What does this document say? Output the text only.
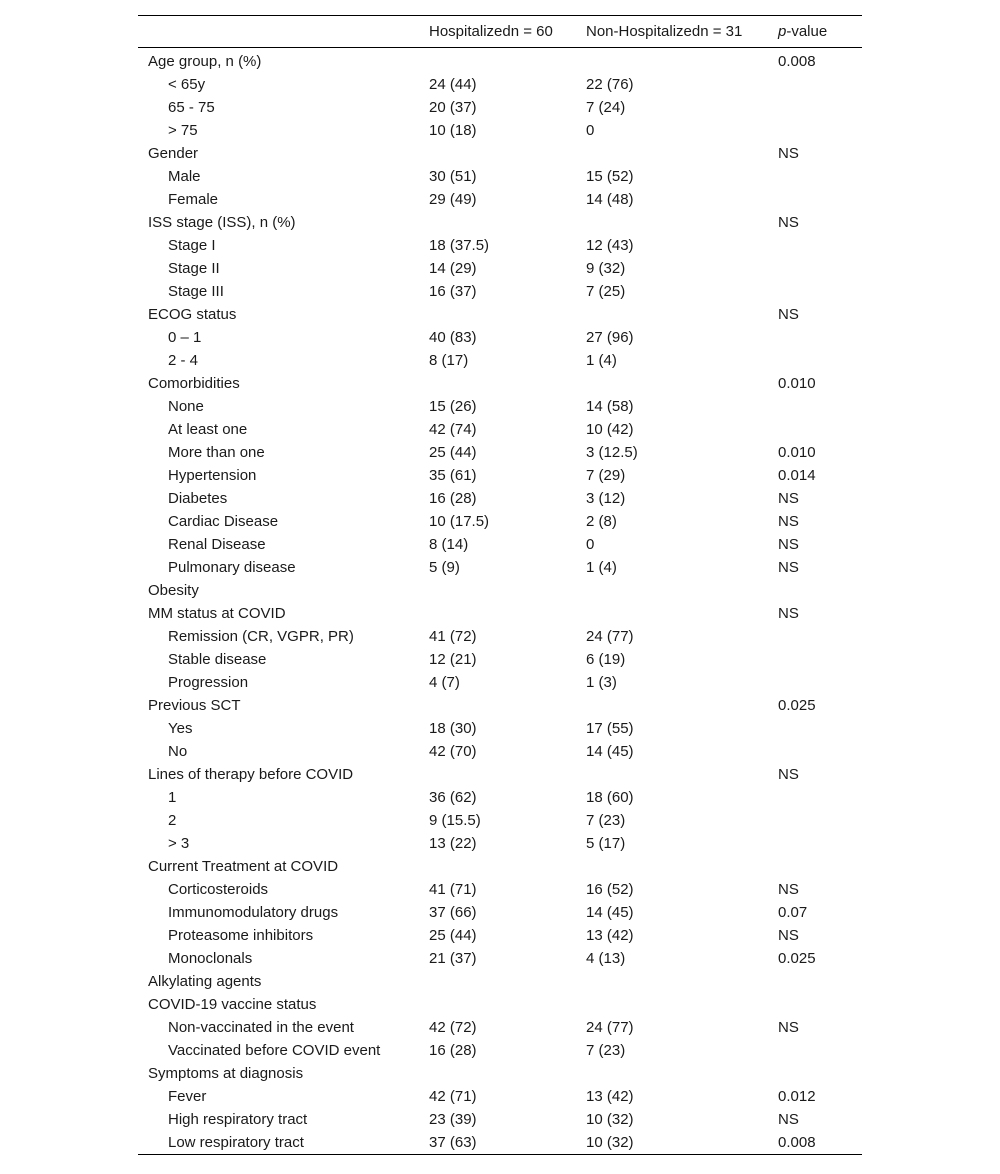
	Hospitalizedn = 60	Non-Hospitalizedn = 31	p-value
Age group, n (%)			0.008
< 65y	24 (44)	22 (76)	
65 - 75	20 (37)	7 (24)	
> 75	10 (18)	0	
Gender			NS
Male	30 (51)	15 (52)	
Female	29 (49)	14 (48)	
ISS stage (ISS), n (%)			NS
Stage I	18 (37.5)	12 (43)	
Stage II	14 (29)	9 (32)	
Stage III	16 (37)	7 (25)	
ECOG status			NS
0 – 1	40 (83)	27 (96)	
2 - 4	8 (17)	1 (4)	
Comorbidities			0.010
None	15 (26)	14 (58)	
At least one	42 (74)	10 (42)	
More than one	25 (44)	3 (12.5)	0.010
Hypertension	35 (61)	7 (29)	0.014
Diabetes	16 (28)	3 (12)	NS
Cardiac Disease	10 (17.5)	2 (8)	NS
Renal Disease	8 (14)	0	NS
Pulmonary disease	5 (9)	1 (4)	NS
Obesity			
MM status at COVID			NS
Remission (CR, VGPR, PR)	41 (72)	24 (77)	
Stable disease	12 (21)	6 (19)	
Progression	4 (7)	1 (3)	
Previous SCT			0.025
Yes	18 (30)	17 (55)	
No	42 (70)	14 (45)	
Lines of therapy before COVID			NS
1	36 (62)	18 (60)	
2	9 (15.5)	7 (23)	
> 3	13 (22)	5 (17)	
Current Treatment at COVID			
Corticosteroids	41 (71)	16 (52)	NS
Immunomodulatory drugs	37 (66)	14 (45)	0.07
Proteasome inhibitors	25 (44)	13 (42)	NS
Monoclonals	21 (37)	4 (13)	0.025
Alkylating agents			
COVID-19 vaccine status			
Non-vaccinated in the event	42 (72)	24 (77)	NS
Vaccinated before COVID event	16 (28)	7 (23)	
Symptoms at diagnosis			
Fever	42 (71)	13 (42)	0.012
High respiratory tract	23 (39)	10 (32)	NS
Low respiratory tract	37 (63)	10 (32)	0.008
